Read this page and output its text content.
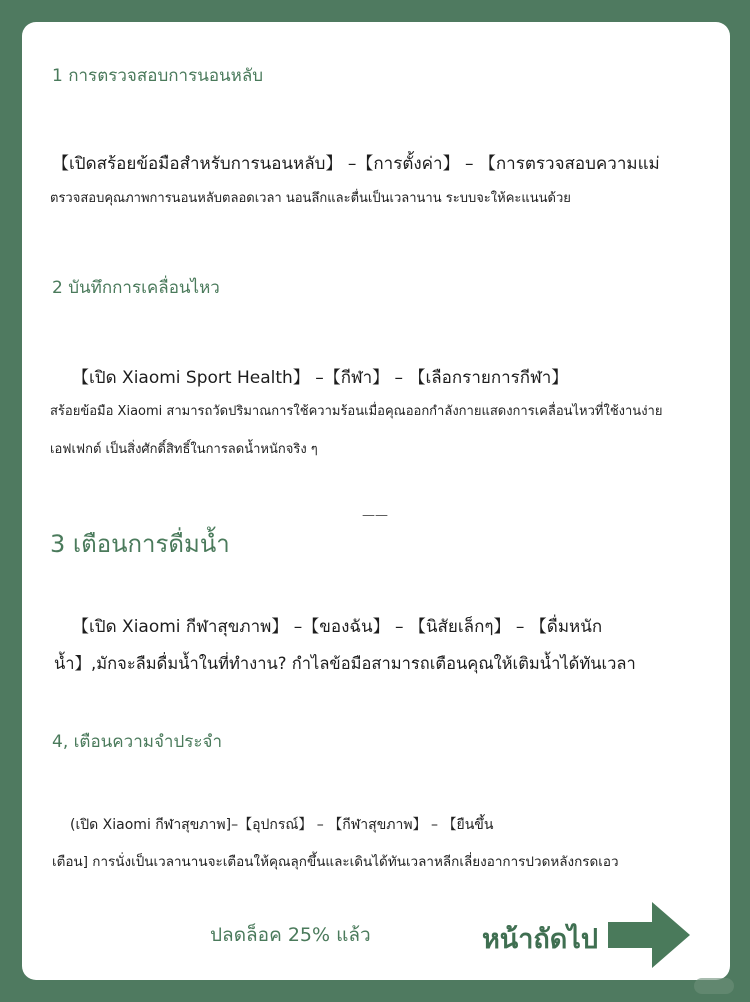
1 การตรวจสอบการนอนหลับ
【เปิดสร้อยข้อมือสำหรับการนอนหลับ】 –【การตั้งค่า】 – 【การตรวจสอบความแม่
ตรวจสอบคุณภาพการนอนหลับตลอดเวลา นอนลึกและตื่นเป็นเวลานาน ระบบจะให้คะแนนด้วย
2 บันทึกการเคลื่อนไหว
【เปิด Xiaomi Sport Health】 –【กีฬา】 – 【เลือกรายการกีฬา】
สร้อยข้อมือ Xiaomi สามารถวัดปริมาณการใช้ความร้อนเมื่อคุณออกกำลังกายแสดงการเคลื่อนไหวที่ใช้งานง่าย
เอฟเฟกต์ เป็นสิ่งศักดิ์สิทธิ์ในการลดน้ำหนักจริง ๆ
——
3 เตือนการดื่มน้ำ
【เปิด Xiaomi กีฬาสุขภาพ】 –【ของฉัน】 – 【นิสัยเล็กๆ】 – 【ดื่มหนัก
น้ำ】,มักจะลืมดื่มน้ำในที่ทำงาน? กำไลข้อมือสามารถเตือนคุณให้เติมน้ำได้ทันเวลา
4, เตือนความจำประจำ
(เปิด Xiaomi กีฬาสุขภาพ]–【อุปกรณ์】 – 【กีฬาสุขภาพ】 – 【ยืนขึ้น
เตือน] การนั่งเป็นเวลานานจะเตือนให้คุณลุกขึ้นและเดินได้ทันเวลาหลีกเลี่ยงอาการปวดหลังกรดเอว
ปลดล็อค 25% แล้ว	หน้าถัดไป
